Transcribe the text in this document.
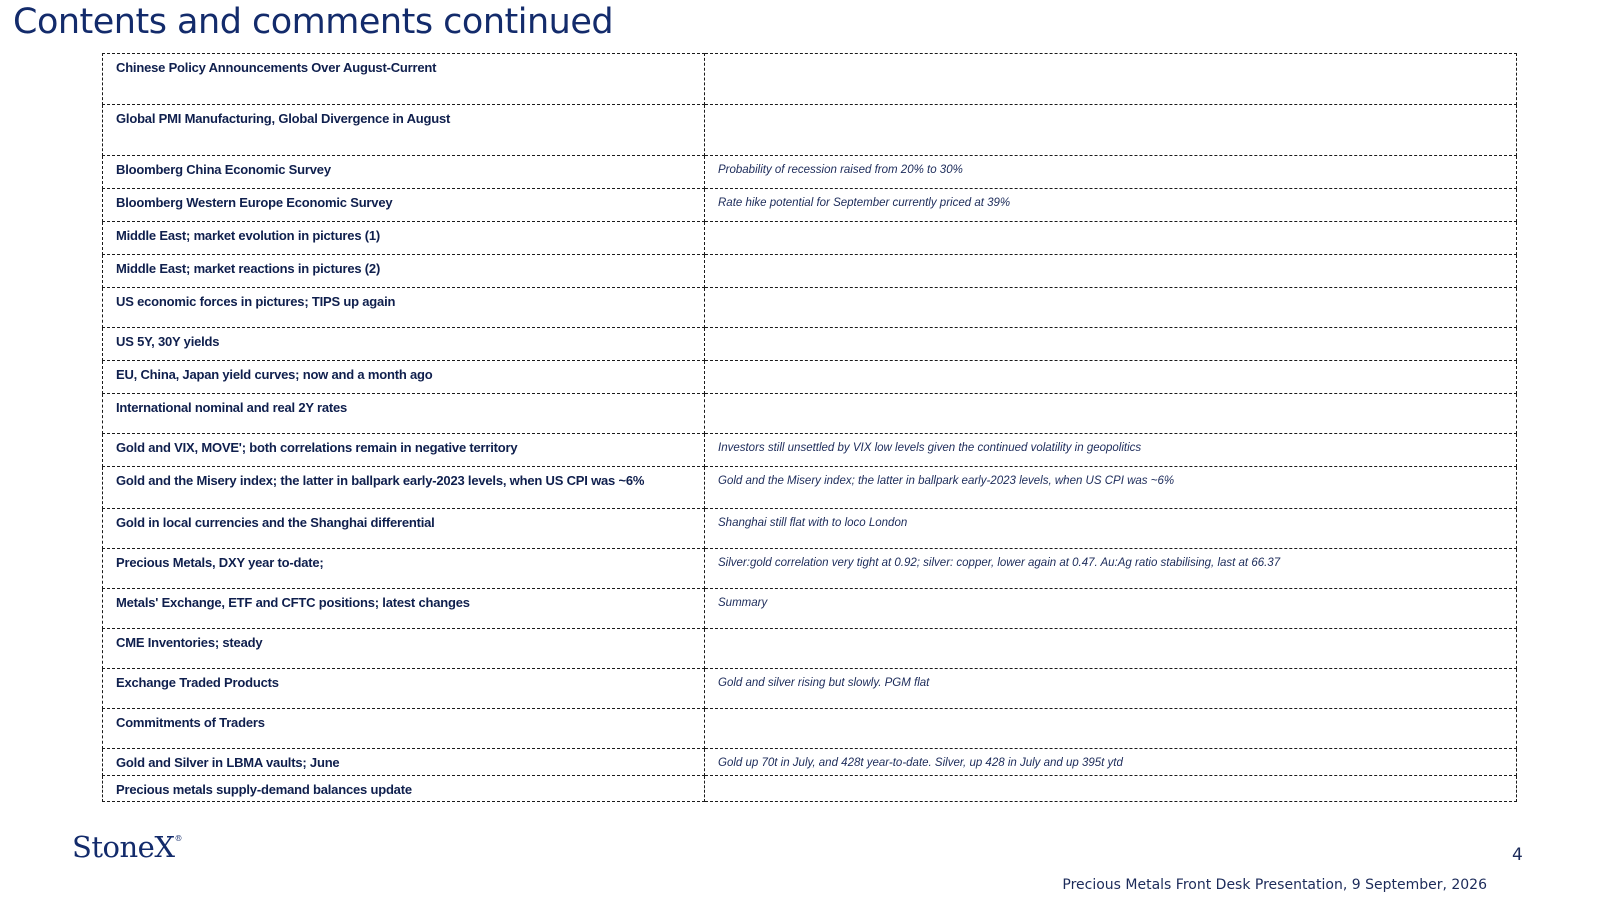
Contents and comments continued
Chinese Policy Announcements Over August-Current	
Global PMI Manufacturing, Global Divergence in August	
Bloomberg China Economic Survey	Probability of recession raised from 20% to 30%
Bloomberg Western Europe Economic Survey	Rate hike potential for September currently priced at 39%
Middle East; market evolution in pictures (1)	
Middle East; market reactions in pictures (2)	
US economic forces in pictures; TIPS up again	
US 5Y, 30Y yields	
EU, China, Japan yield curves; now and a month ago	
International nominal and real 2Y rates	
Gold and VIX, MOVE'; both correlations remain in negative territory	Investors still unsettled by VIX low levels given the continued volatility in geopolitics
Gold and the Misery index; the latter in ballpark early-2023 levels, when US CPI was ~6%	Gold and the Misery index; the latter in ballpark early-2023 levels, when US CPI was ~6%
Gold in local currencies and the Shanghai differential	Shanghai still flat with to loco London
Precious Metals, DXY year to-date;	Silver:gold correlation very tight at 0.92; silver: copper, lower again at 0.47. Au:Ag ratio stabilising, last at 66.37
Metals' Exchange, ETF and CFTC positions; latest changes	Summary
CME Inventories; steady	
Exchange Traded Products	Gold and silver rising but slowly. PGM flat
Commitments of Traders	
Gold and Silver in LBMA vaults; June	Gold up 70t in July, and 428t year-to-date. Silver, up 428 in July and up 395t ytd
Precious metals supply-demand balances update	
StoneX®
4
Precious Metals Front Desk Presentation, 9 September, 2026
